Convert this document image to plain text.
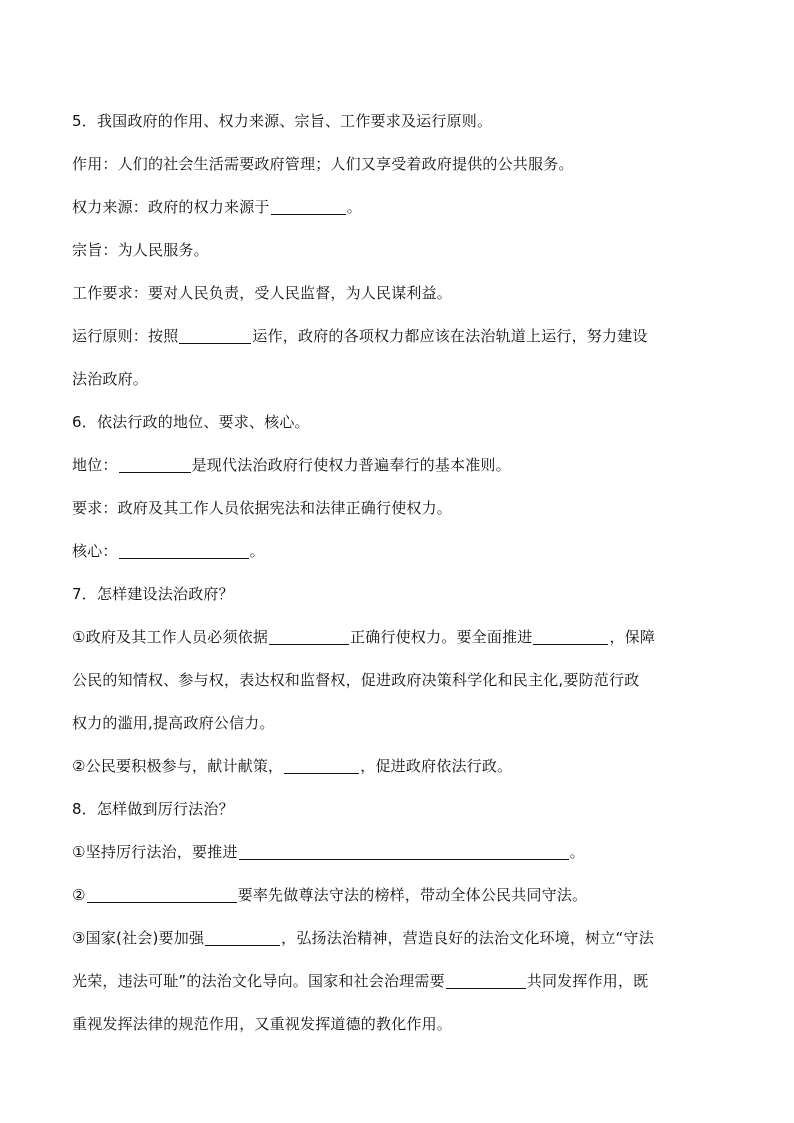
5．我国政府的作用、权力来源、宗旨、工作要求及运行原则。
作用：人们的社会生活需要政府管理；人们又享受着政府提供的公共服务。
权力来源：政府的权力来源于	。
宗旨：为人民服务。
工作要求：要对人民负责，受人民监督，为人民谋利益。
运行原则：按照	运作，政府的各项权力都应该在法治轨道上运行，努力建设
法治政府。
6．依法行政的地位、要求、核心。
地位：	是现代法治政府行使权力普遍奉行的基本准则。
要求：政府及其工作人员依据宪法和法律正确行使权力。
核心：	。
7．怎样建设法治政府？
①政府及其工作人员必须依据	正确行使权力。要全面推进	，保障
公民的知情权、参与权，表达权和监督权，促进政府决策科学化和民主化,要防范行政
权力的滥用,提高政府公信力。
②公民要积极参与，献计献策，	，促进政府依法行政。
8．怎样做到厉行法治？
①坚持厉行法治，要推进	。
②	要率先做尊法守法的榜样，带动全体公民共同守法。
③国家(社会)要加强	，弘扬法治精神，营造良好的法治文化环境，树立“守法
光荣，违法可耻”的法治文化导向。国家和社会治理需要	共同发挥作用，既
重视发挥法律的规范作用，又重视发挥道德的教化作用。
